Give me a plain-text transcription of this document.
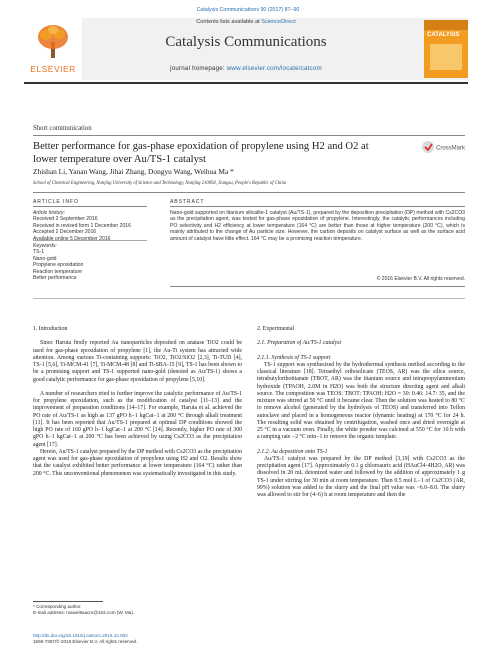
Catalysis Communications 90 (2017) 87–90
ELSEVIER
Contents lists available at ScienceDirect
Catalysis Communications
journal homepage: www.elsevier.com/locate/catcom
CATALYSIS
Short communication
Better performance for gas-phase epoxidation of propylene using H2 and O2 at lower temperature over Au/TS-1 catalyst
CrossMark
Zhishan Li, Yanan Wang, Jihai Zhang, Dongyu Wang, Weihua Ma *
School of Chemical Engineering, Nanjing University of Science and Technology, Nanjing 210094, Jiangsu, People's Republic of China
ARTICLE INFO
Article history:
Received 2 September 2016
Received in revised form 1 December 2016
Accepted 2 December 2016
Available online 5 December 2016
Keywords:
TS-1
Nano-gold
Propylene epoxidation
Reaction temperature
Better performance
ABSTRACT
Nano-gold supported on titanium silicalite-1 catalyst (Au/TS-1), prepared by the deposition precipitation (DP) method with Cs2CO3 as the precipitation agent, was tested for gas-phase epoxidation of propylene. Interestingly, the catalytic performances including PO selectivity and H2 efficiency at lower temperature (164 °C) are better than those at higher temperature (200 °C), which is mainly attributed to the change of Au particle size. However, the carbon deposits on catalyst surface as well as the surface acid amount of catalyst have little effect. 164 °C may be a promising reaction temperature.
© 2016 Elsevier B.V. All rights reserved.
1. Introduction

Since Haruta firstly reported Au nanoparticles deposited on anatase TiO2 could be used for gas-phase epoxidation of propylene [1], the Au-Ti system has attracted wide attention. Among various Ti-containing supports: TiO2, TiO2/SiO2 [2,3], Ti-TUD [4], TS-1 [5,6], Ti-MCM-41 [7], Ti-MCM-48 [8] and Ti-SBA-15 [9], TS-1 has been shown to be a promising support and TS-1 supported nano-gold (denoted as Au/TS-1) shows a good catalytic performance for gas-phase epoxidation of propylene [5,10].

A number of researchers tried to further improve the catalytic performance of Au/TS-1 for propylene epoxidation, such as the modification of catalyst [11–13] and the improvement of preparation conditions [14–17]. For example, Haruta et al. achieved the PO rate of Au/TS-1 as high as 137 gPO h−1 kgCat−1 at 200 °C through alkali treatment [11]. It has been reported that Au/TS-1 prepared at optimal DP conditions showed the high PO rate of 160 gPO h−1 kgCat−1 at 200 °C [14]. Recently, higher PO rate of 300 gPO h−1 kgCat−1 at 200 °C has been achieved by using Cs2CO3 as the precipitation agent [17].

Herein, Au/TS-1 catalyst prepared by the DP method with Cs2CO3 as the precipitation agent was used for gas-phase epoxidation of propylene using H2 and O2. Results show that the catalyst exhibited better performance at lower temperature (164 °C) rather than 200 °C. This unconventional phenomenon was systematically investigated in this study.

2. Experimental
2.1. Preparation of Au/TS-1 catalyst
2.1.1. Synthesis of TS-1 support

TS-1 support was synthesized by the hydrothermal synthesis method according to the classical literature [18]. Tetraethyl orthosilicate (TEOS, AR) was the silica source, tetrabutylorthotitanate (TBOT, AR) was the titanium source and tetrapropylammonium hydroxide (TPAOH, 2.0M in H2O) was both the structure directing agent and alkali source. The composition was TEOS: TBOT: TPAOH: H2O = 30: 0.46: 14.7: 35, and the mixture was stirred at 50 °C until it became clear. Then the solution was heated to 80 °C to remove alcohol (generated by the hydrolysis of TEOS) and transferred into Teflon autoclave and placed in a homogeneous reactor (dynamic heating) at 170 °C for 24 h. The resulting solid was obtained by centrifugation, washed once and dried overnight at 25 °C in a vacuum oven. Finally, the white powder was calcined at 550 °C for 10 h with a ramping rate −2 °C min−1 to remove the organic template.

2.1.2. Au deposition onto TS-1

Au/TS-1 catalyst was prepared by the DP method [3,19] with Cs2CO3 as the precipitation agent [17]. Approximately 0.1 g chloroauric acid (HAuCl4·4H2O, AR) was dissolved in 20 mL deionized water and followed by the addition of approximately 1 g TS-1 under stirring for 30 min at room temperature. Then 0.5 mol L−1 of Cs2CO3 (AR, 99%) solution was added to the slurry and the final pH value was ~6.0–8.0. The slurry was allowed to stir for (4–6) h at room temperature and then the

* Corresponding author.
E-mail address: mawei9aacm@163.com (W. Ma).
http://dx.doi.org/10.1016/j.catcom.2016.12.002
1566-7367/© 2016 Elsevier B.V. All rights reserved.
